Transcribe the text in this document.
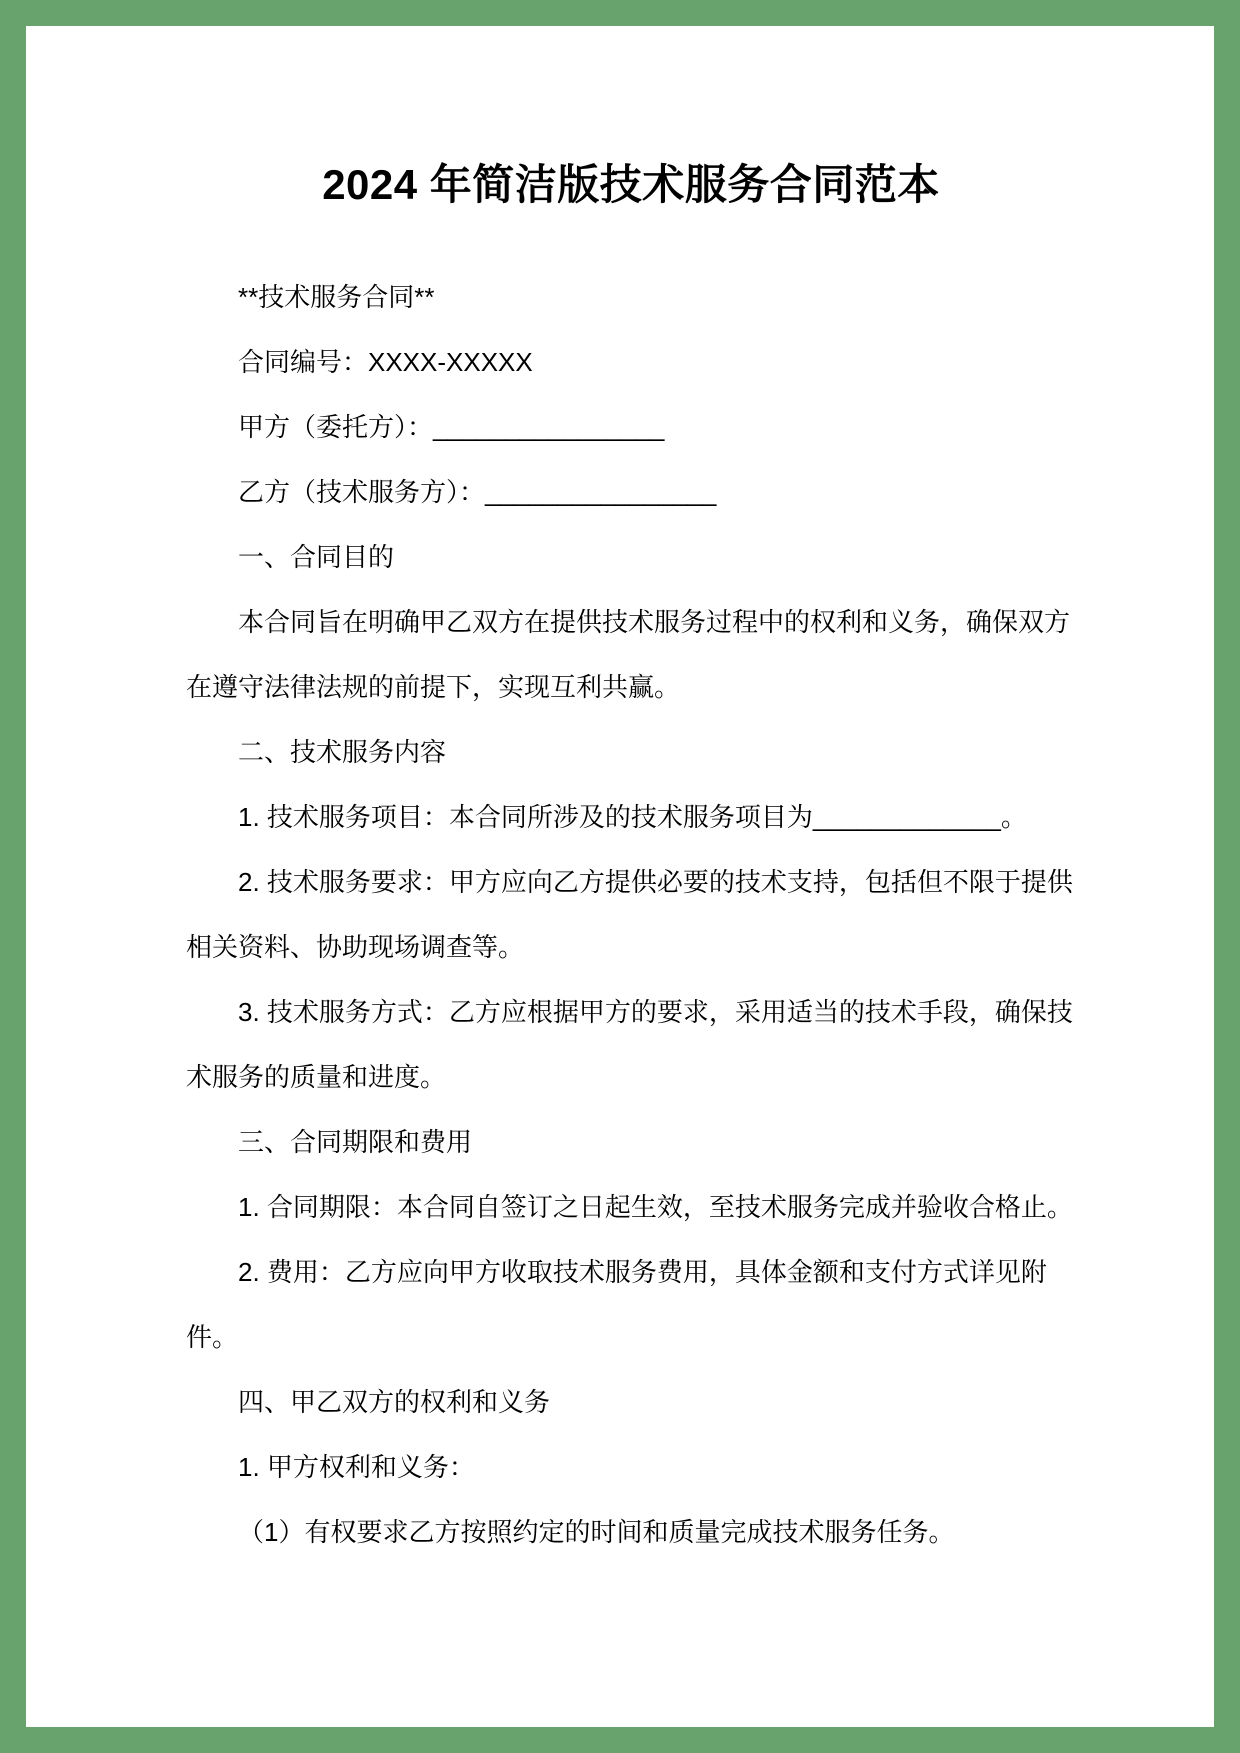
2024 年简洁版技术服务合同范本
**技术服务合同**
合同编号：XXXX-XXXXX
甲方（委托方）：________________
乙方（技术服务方）：________________
一、合同目的
本合同旨在明确甲乙双方在提供技术服务过程中的权利和义务，确保双方
在遵守法律法规的前提下，实现互利共赢。
二、技术服务内容
1. 技术服务项目：本合同所涉及的技术服务项目为_____________。
2. 技术服务要求：甲方应向乙方提供必要的技术支持，包括但不限于提供
相关资料、协助现场调查等。
3. 技术服务方式：乙方应根据甲方的要求，采用适当的技术手段，确保技
术服务的质量和进度。
三、合同期限和费用
1. 合同期限：本合同自签订之日起生效，至技术服务完成并验收合格止。
2. 费用：乙方应向甲方收取技术服务费用，具体金额和支付方式详见附
件。
四、甲乙双方的权利和义务
1. 甲方权利和义务：
（1）有权要求乙方按照约定的时间和质量完成技术服务任务。
